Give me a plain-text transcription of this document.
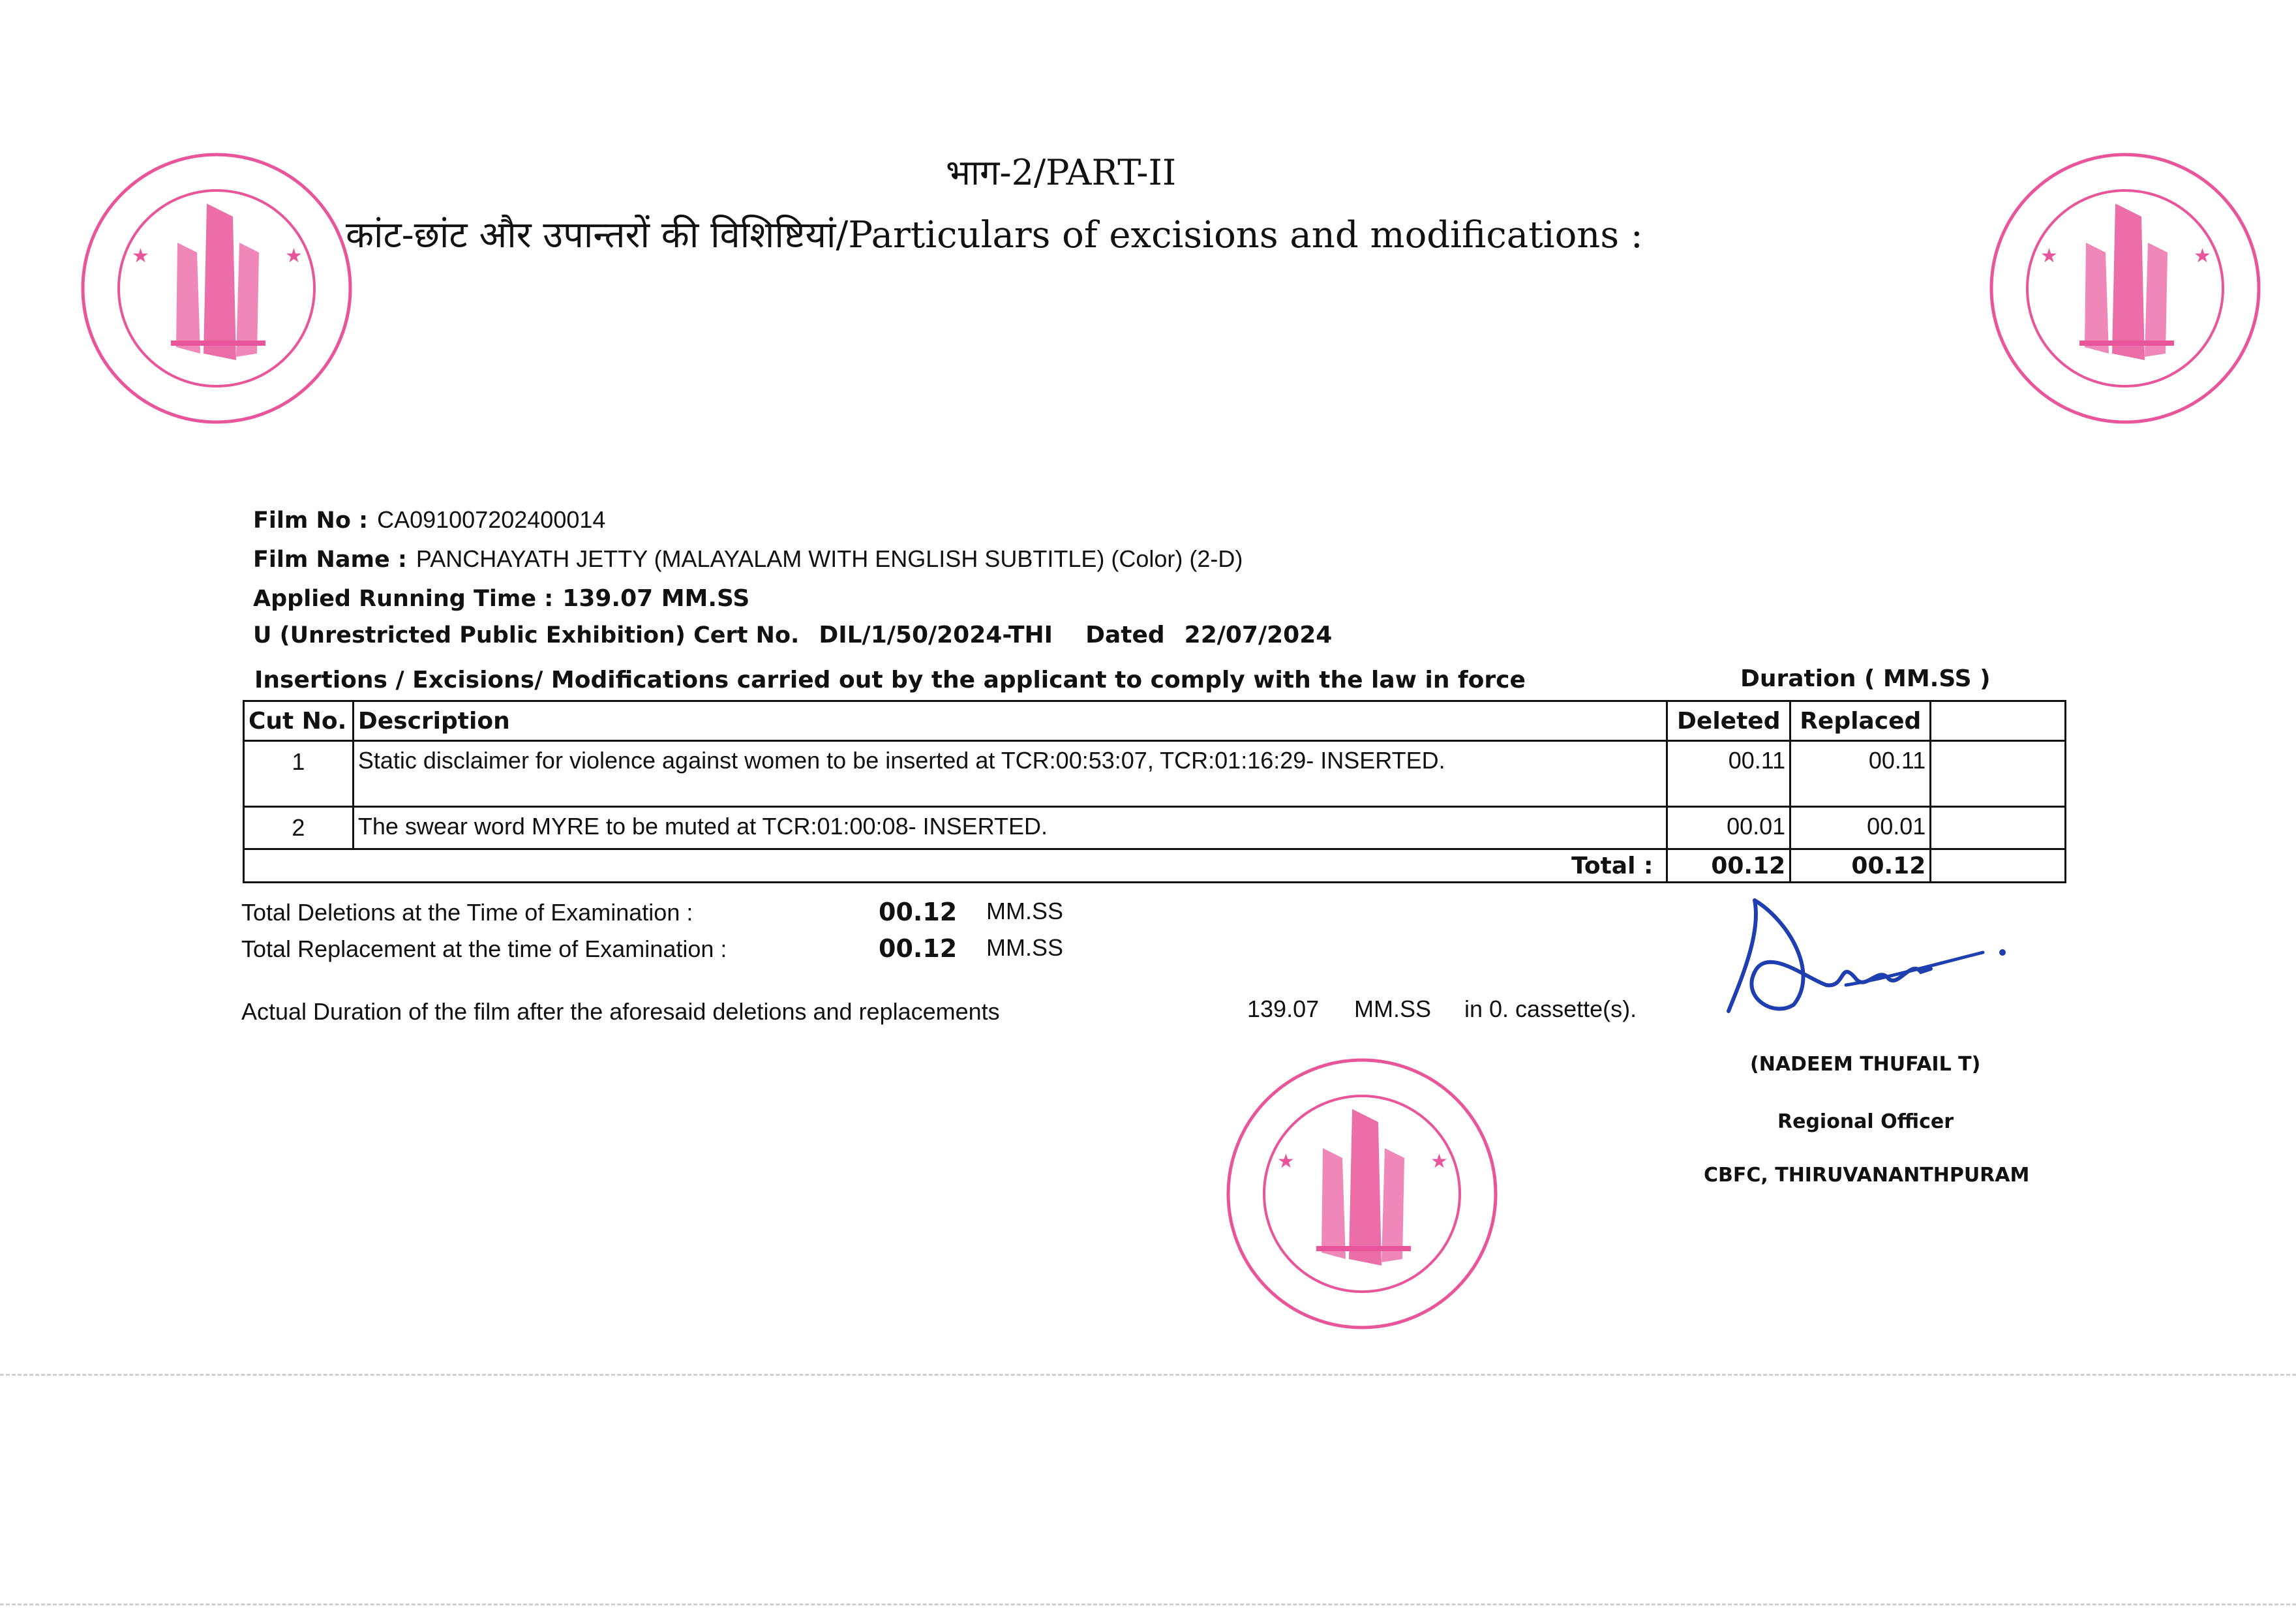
भाग-2/PART-II
कांट-छांट और उपान्तरों की विशिष्टियां/Particulars of excisions and modifications :
★	★	★	★
★	★
Film No : CA091007202400014
Film Name : PANCHAYATH JETTY (MALAYALAM WITH ENGLISH SUBTITLE) (Color) (2-D)
Applied Running Time : 139.07 MM.SS
U (Unrestricted Public Exhibition) Cert No. DIL/1/50/2024-THI Dated 22/07/2024
Insertions / Excisions/ Modifications carried out by the applicant to comply with the law in force	Duration ( MM.SS )
Cut No.	Description	Deleted	Replaced	
1	Static disclaimer for violence against women to be inserted at TCR:00:53:07, TCR:01:16:29- INSERTED.	00.11	00.11	
2	The swear word MYRE to be muted at TCR:01:00:08- INSERTED.	00.01	00.01	
Total :		00.12	00.12	
Total Deletions at the Time of Examination :	00.12 MM.SS
Total Replacement at the time of Examination :	00.12 MM.SS
Actual Duration of the film after the aforesaid deletions and replacements	139.07 MM.SS in 0. cassette(s).
(NADEEM THUFAIL T)
Regional Officer
CBFC, THIRUVANANTHPURAM
